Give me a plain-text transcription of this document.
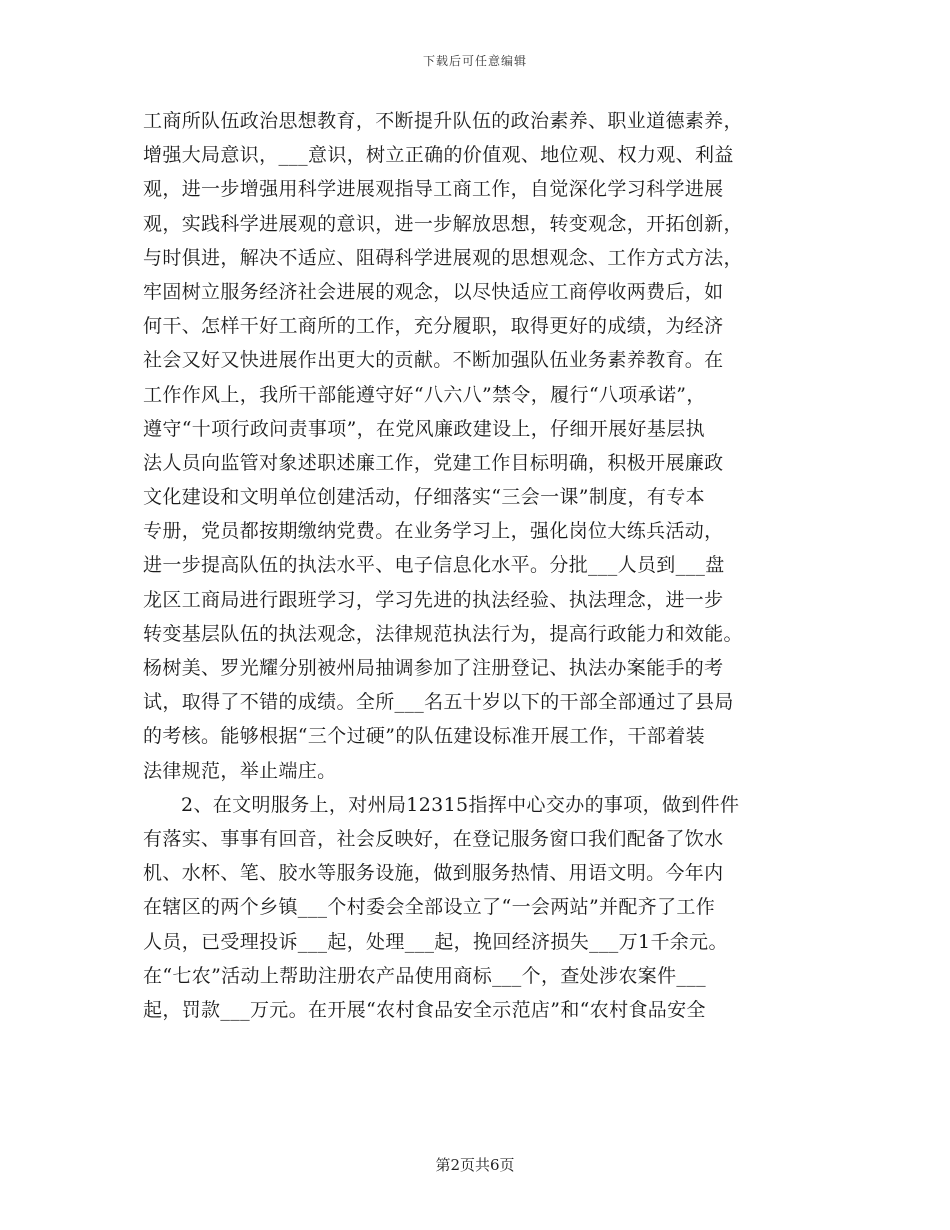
下载后可任意编辑
工商所队伍政治思想教育，不断提升队伍的政治素养、职业道德素养，
增强大局意识，___意识，树立正确的价值观、地位观、权力观、利益
观，进一步增强用科学进展观指导工商工作，自觉深化学习科学进展
观，实践科学进展观的意识，进一步解放思想，转变观念，开拓创新，
与时俱进，解决不适应、阻碍科学进展观的思想观念、工作方式方法，
牢固树立服务经济社会进展的观念，以尽快适应工商停收两费后，如
何干、怎样干好工商所的工作，充分履职，取得更好的成绩，为经济
社会又好又快进展作出更大的贡献。不断加强队伍业务素养教育。在
工作作风上，我所干部能遵守好“八六八”禁令，履行“八项承诺”，
遵守“十项行政问责事项”，在党风廉政建设上，仔细开展好基层执
法人员向监管对象述职述廉工作，党建工作目标明确，积极开展廉政
文化建设和文明单位创建活动，仔细落实“三会一课”制度，有专本
专册，党员都按期缴纳党费。在业务学习上，强化岗位大练兵活动，
进一步提高队伍的执法水平、电子信息化水平。分批___人员到___盘
龙区工商局进行跟班学习，学习先进的执法经验、执法理念，进一步
转变基层队伍的执法观念，法律规范执法行为，提高行政能力和效能。
杨树美、罗光耀分别被州局抽调参加了注册登记、执法办案能手的考
试，取得了不错的成绩。全所___名五十岁以下的干部全部通过了县局
的考核。能够根据“三个过硬”的队伍建设标准开展工作，干部着装
法律规范，举止端庄。
2、在文明服务上，对州局12315指挥中心交办的事项，做到件件
有落实、事事有回音，社会反映好，在登记服务窗口我们配备了饮水
机、水杯、笔、胶水等服务设施，做到服务热情、用语文明。今年内
在辖区的两个乡镇___个村委会全部设立了“一会两站”并配齐了工作
人员，已受理投诉___起，处理___起，挽回经济损失___万1千余元。
在“七农”活动上帮助注册农产品使用商标___个，查处涉农案件___
起，罚款___万元。在开展“农村食品安全示范店”和“农村食品安全
第2页共6页
